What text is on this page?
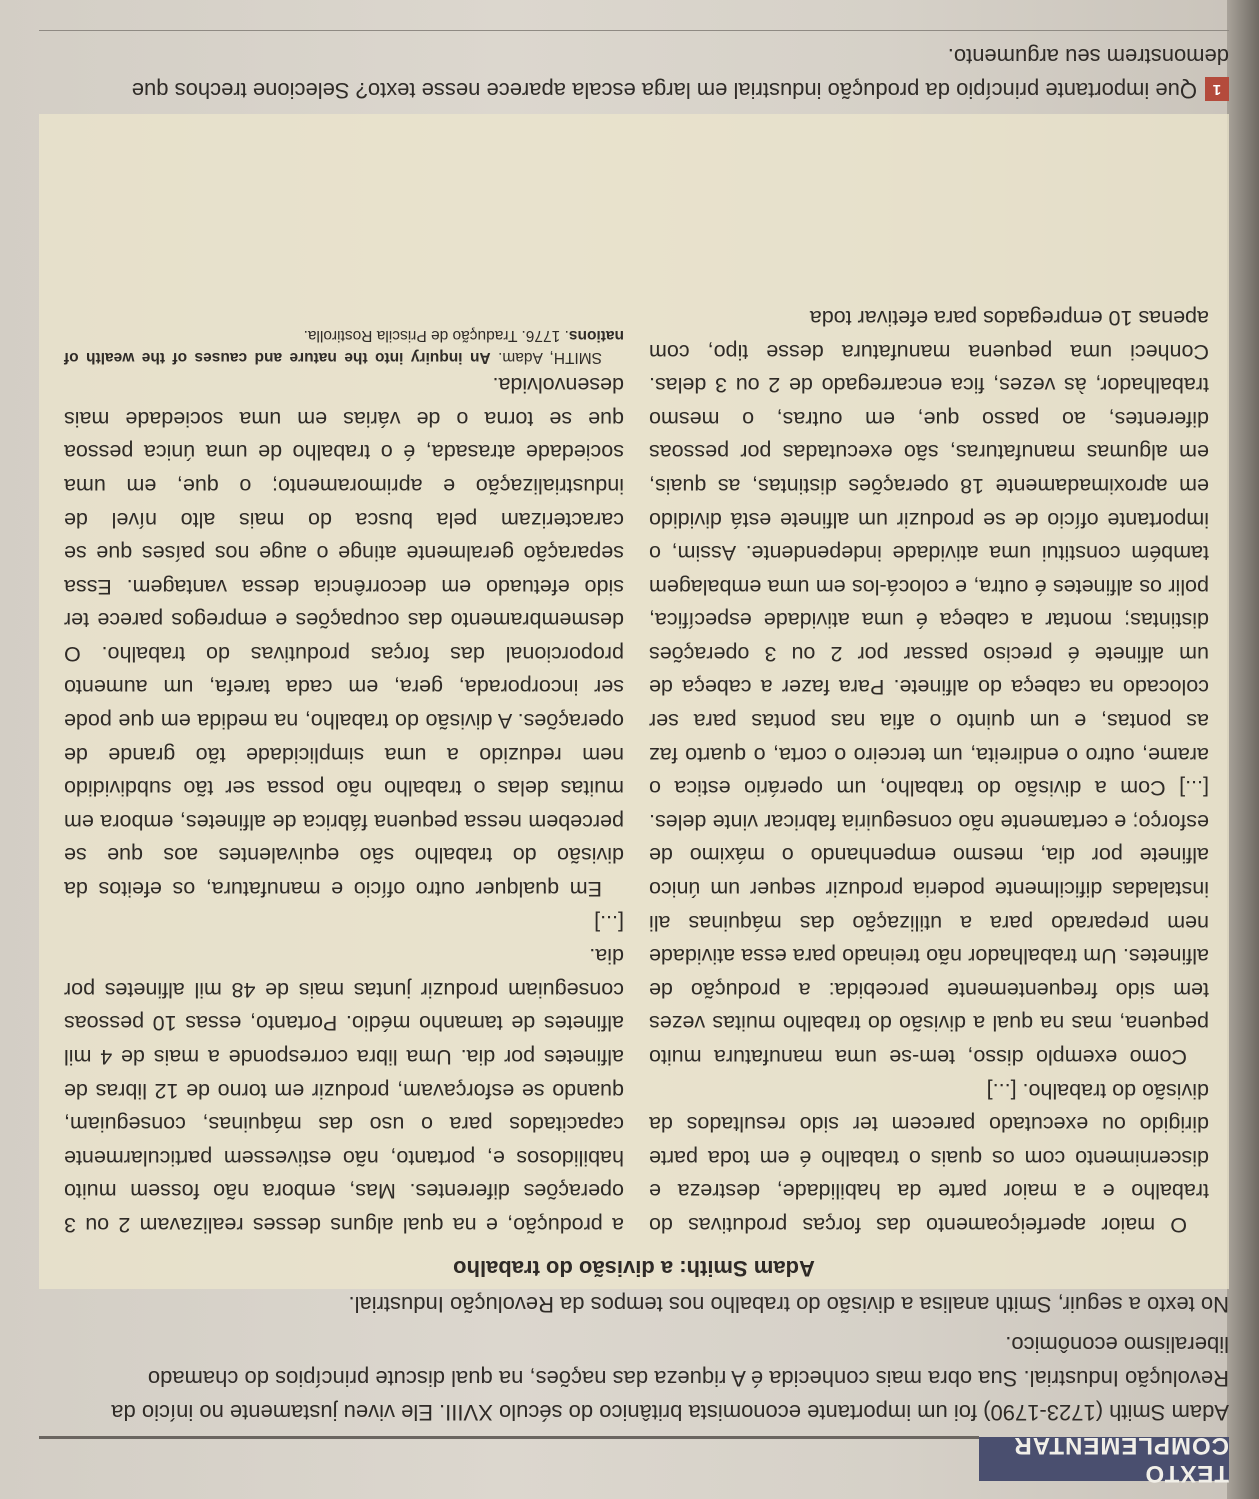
TEXTO COMPLEMENTAR

Adam Smith (1723-1790) foi um importante economista britânico do século XVIII. Ele viveu justamente no início da Revolução Industrial. Sua obra mais conhecida é A riqueza das nações, na qual discute princípios do chamado liberalismo econômico.

No texto a seguir, Smith analisa a divisão do trabalho nos tempos da Revolução Industrial.

Adam Smith: a divisão do trabalho

O maior aperfeiçoamento das forças produtivas do trabalho e a maior parte da habilidade, destreza e discernimento com os quais o trabalho é em toda parte dirigido ou executado parecem ter sido resultados da divisão do trabalho. [...]

Como exemplo disso, tem-se uma manufatura muito pequena, mas na qual a divisão do trabalho muitas vezes tem sido frequentemente percebida: a produção de alfinetes. Um trabalhador não treinado para essa atividade nem preparado para a utilização das máquinas ali instaladas dificilmente poderia produzir sequer um único alfinete por dia, mesmo empenhando o máximo de esforço; e certamente não conseguiria fabricar vinte deles. [...] Com a divisão do trabalho, um operário estica o arame, outro o endireita, um terceiro o corta, o quarto faz as pontas, e um quinto o afia nas pontas para ser colocado na cabeça do alfinete. Para fazer a cabeça de um alfinete é preciso passar por 2 ou 3 operações distintas; montar a cabeça é uma atividade específica, polir os alfinetes é outra, e colocá-los em uma embalagem também constitui uma atividade independente. Assim, o importante ofício de se produzir um alfinete está dividido em aproximadamente 18 operações distintas, as quais, em algumas manufaturas, são executadas por pessoas diferentes, ao passo que, em outras, o mesmo trabalhador, às vezes, fica encarregado de 2 ou 3 delas. Conheci uma pequena manufatura desse tipo, com apenas 10 empregados para efetivar toda

a produção, e na qual alguns desses realizavam 2 ou 3 operações diferentes. Mas, embora não fossem muito habilidosos e, portanto, não estivessem particularmente capacitados para o uso das máquinas, conseguiam, quando se esforçavam, produzir em torno de 12 libras de alfinetes por dia. Uma libra corresponde a mais de 4 mil alfinetes de tamanho médio. Portanto, essas 10 pessoas conseguiam produzir juntas mais de 48 mil alfinetes por dia.

[...]

Em qualquer outro ofício e manufatura, os efeitos da divisão do trabalho são equivalentes aos que se percebem nessa pequena fábrica de alfinetes, embora em muitas delas o trabalho não possa ser tão subdividido nem reduzido a uma simplicidade tão grande de operações. A divisão do trabalho, na medida em que pode ser incorporada, gera, em cada tarefa, um aumento proporcional das forças produtivas do trabalho. O desmembramento das ocupações e empregos parece ter sido efetuado em decorrência dessa vantagem. Essa separação geralmente atinge o auge nos países que se caracterizam pela busca do mais alto nível de industrialização e aprimoramento; o que, em uma sociedade atrasada, é o trabalho de uma única pessoa que se torna o de várias em uma sociedade mais desenvolvida.

SMITH, Adam. An inquiry into the nature and causes of the wealth of nations. 1776. Tradução de Priscila Rostirolla.

1Que importante princípio da produção industrial em larga escala aparece nesse texto? Selecione trechos que demonstrem seu argumento.
